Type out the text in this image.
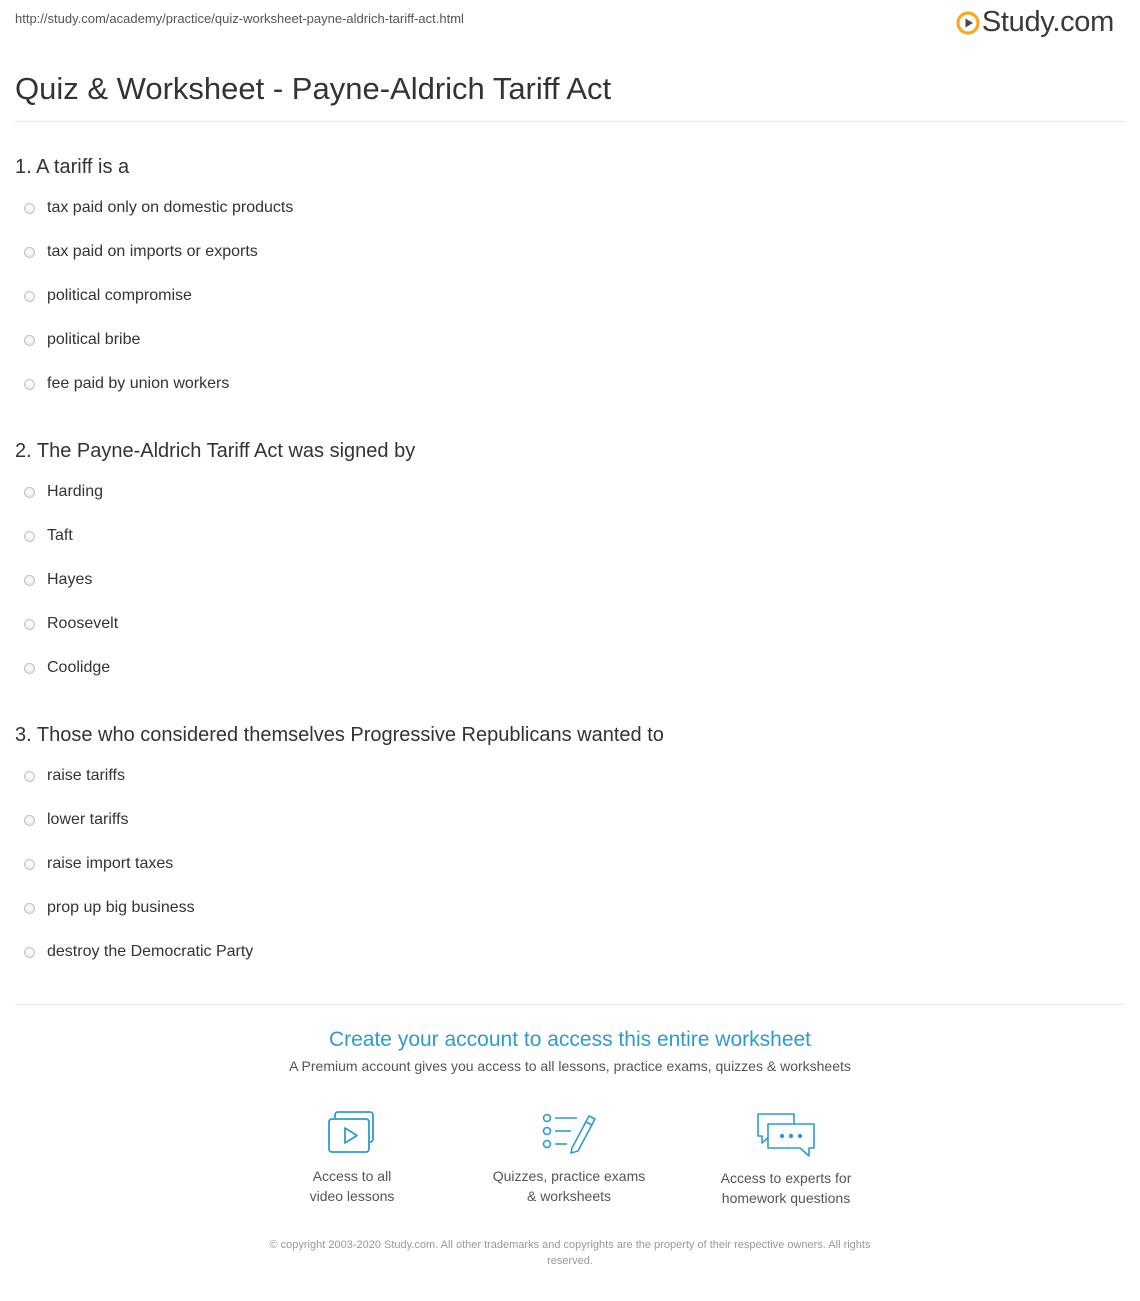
http://study.com/academy/practice/quiz-worksheet-payne-aldrich-tariff-act.html	Study.com
Quiz & Worksheet - Payne-Aldrich Tariff Act
1. A tariff is a
tax paid only on domestic products
tax paid on imports or exports
political compromise
political bribe
fee paid by union workers
2. The Payne-Aldrich Tariff Act was signed by
Harding
Taft
Hayes
Roosevelt
Coolidge
3. Those who considered themselves Progressive Republicans wanted to
raise tariffs
lower tariffs
raise import taxes
prop up big business
destroy the Democratic Party
Create your account to access this entire worksheet
A Premium account gives you access to all lessons, practice exams, quizzes & worksheets
Access to all
video lessons
Quizzes, practice exams
& worksheets
Access to experts for
homework questions
© copyright 2003-2020 Study.com. All other trademarks and copyrights are the property of their respective owners. All rights
reserved.
